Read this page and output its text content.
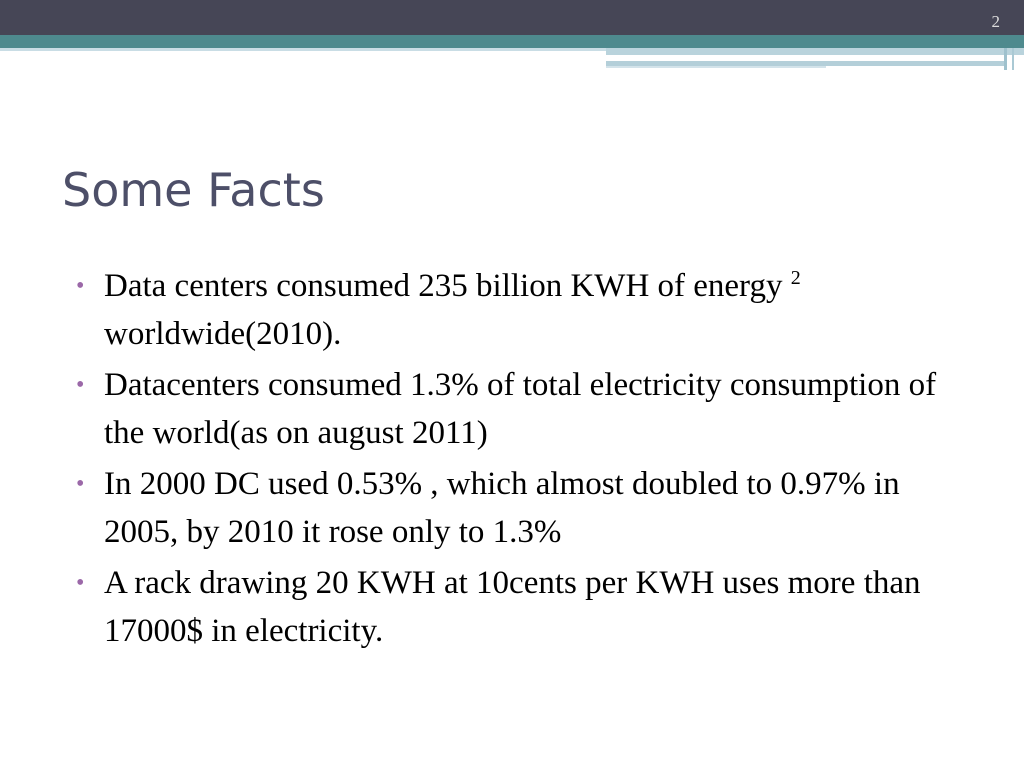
2
Some Facts
• Data centers consumed 235 billion KWH of energy $^2$ worldwide(2010).
• Datacenters consumed 1.3% of total electricity consumption of the world(as on august 2011)
• In 2000 DC used 0.53% , which almost doubled to 0.97% in 2005, by 2010 it rose only to 1.3%
• A rack drawing 20 KWH at 10cents per KWH uses more than 17000$ in electricity.
